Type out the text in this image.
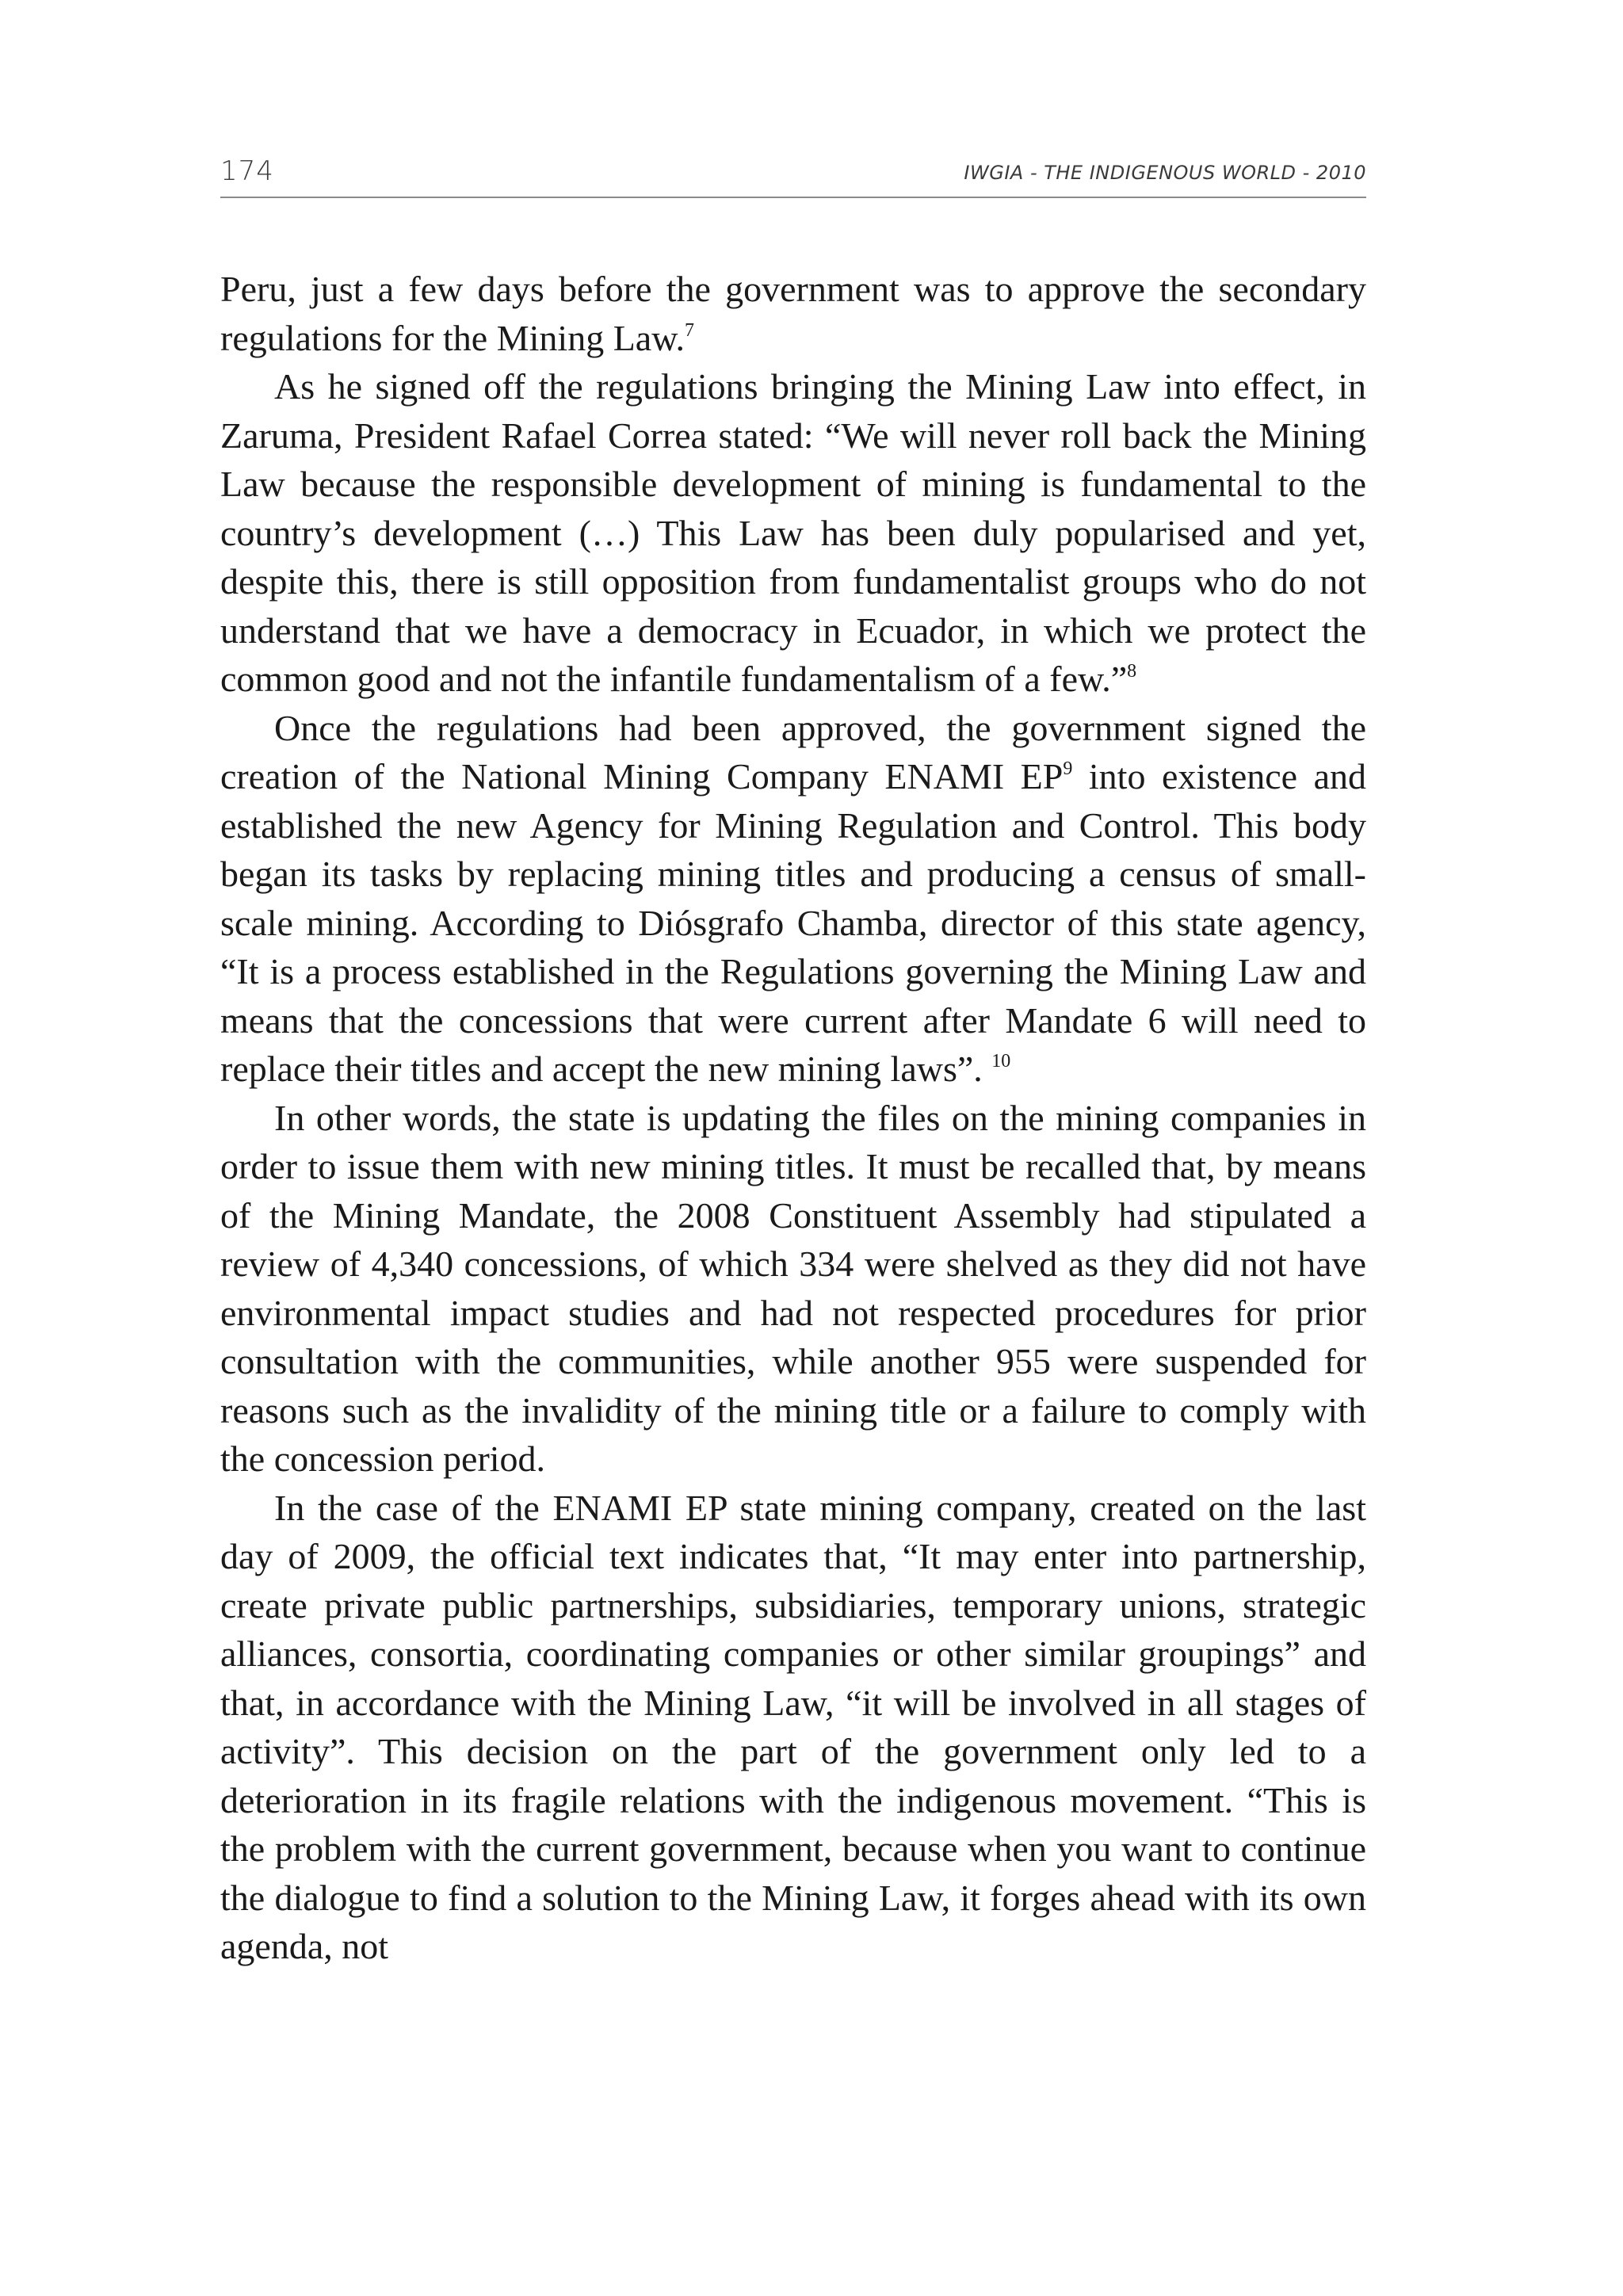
174	IWGIA - THE INDIGENOUS WORLD - 2010

Peru, just a few days before the government was to approve the secondary regulations for the Mining Law.$^7$

As he signed off the regulations bringing the Mining Law into effect, in Zaruma, President Rafael Correa stated: “We will never roll back the Mining Law because the responsible development of mining is fundamental to the country’s development (…) This Law has been duly popularised and yet, despite this, there is still opposition from fundamentalist groups who do not understand that we have a democracy in Ecuador, in which we protect the common good and not the infantile fundamentalism of a few.”$^8$

Once the regulations had been approved, the government signed the creation of the National Mining Company ENAMI $EP^9$ into existence and established the new Agency for Mining Regulation and Control. This body began its tasks by replacing mining titles and producing a census of small-scale mining. According to Diósgrafo Chamba, director of this state agency, “It is a process established in the Regulations governing the Mining Law and means that the concessions that were current after Mandate 6 will need to replace their titles and accept the new mining laws”. $^{10}$

In other words, the state is updating the files on the mining companies in order to issue them with new mining titles. It must be recalled that, by means of the Mining Mandate, the 2008 Constituent Assembly had stipulated a review of 4,340 concessions, of which 334 were shelved as they did not have environmental impact studies and had not respected procedures for prior consultation with the communities, while another 955 were suspended for reasons such as the invalidity of the mining title or a failure to comply with the concession period.

In the case of the ENAMI EP state mining company, created on the last day of 2009, the official text indicates that, “It may enter into partnership, create private public partnerships, subsidiaries, temporary unions, strategic alliances, consortia, coordinating companies or other similar groupings” and that, in accordance with the Mining Law, “it will be involved in all stages of activity”. This decision on the part of the government only led to a deterioration in its fragile relations with the indigenous movement. “This is the problem with the current government, because when you want to continue the dialogue to find a solution to the Mining Law, it forges ahead with its own agenda, not
